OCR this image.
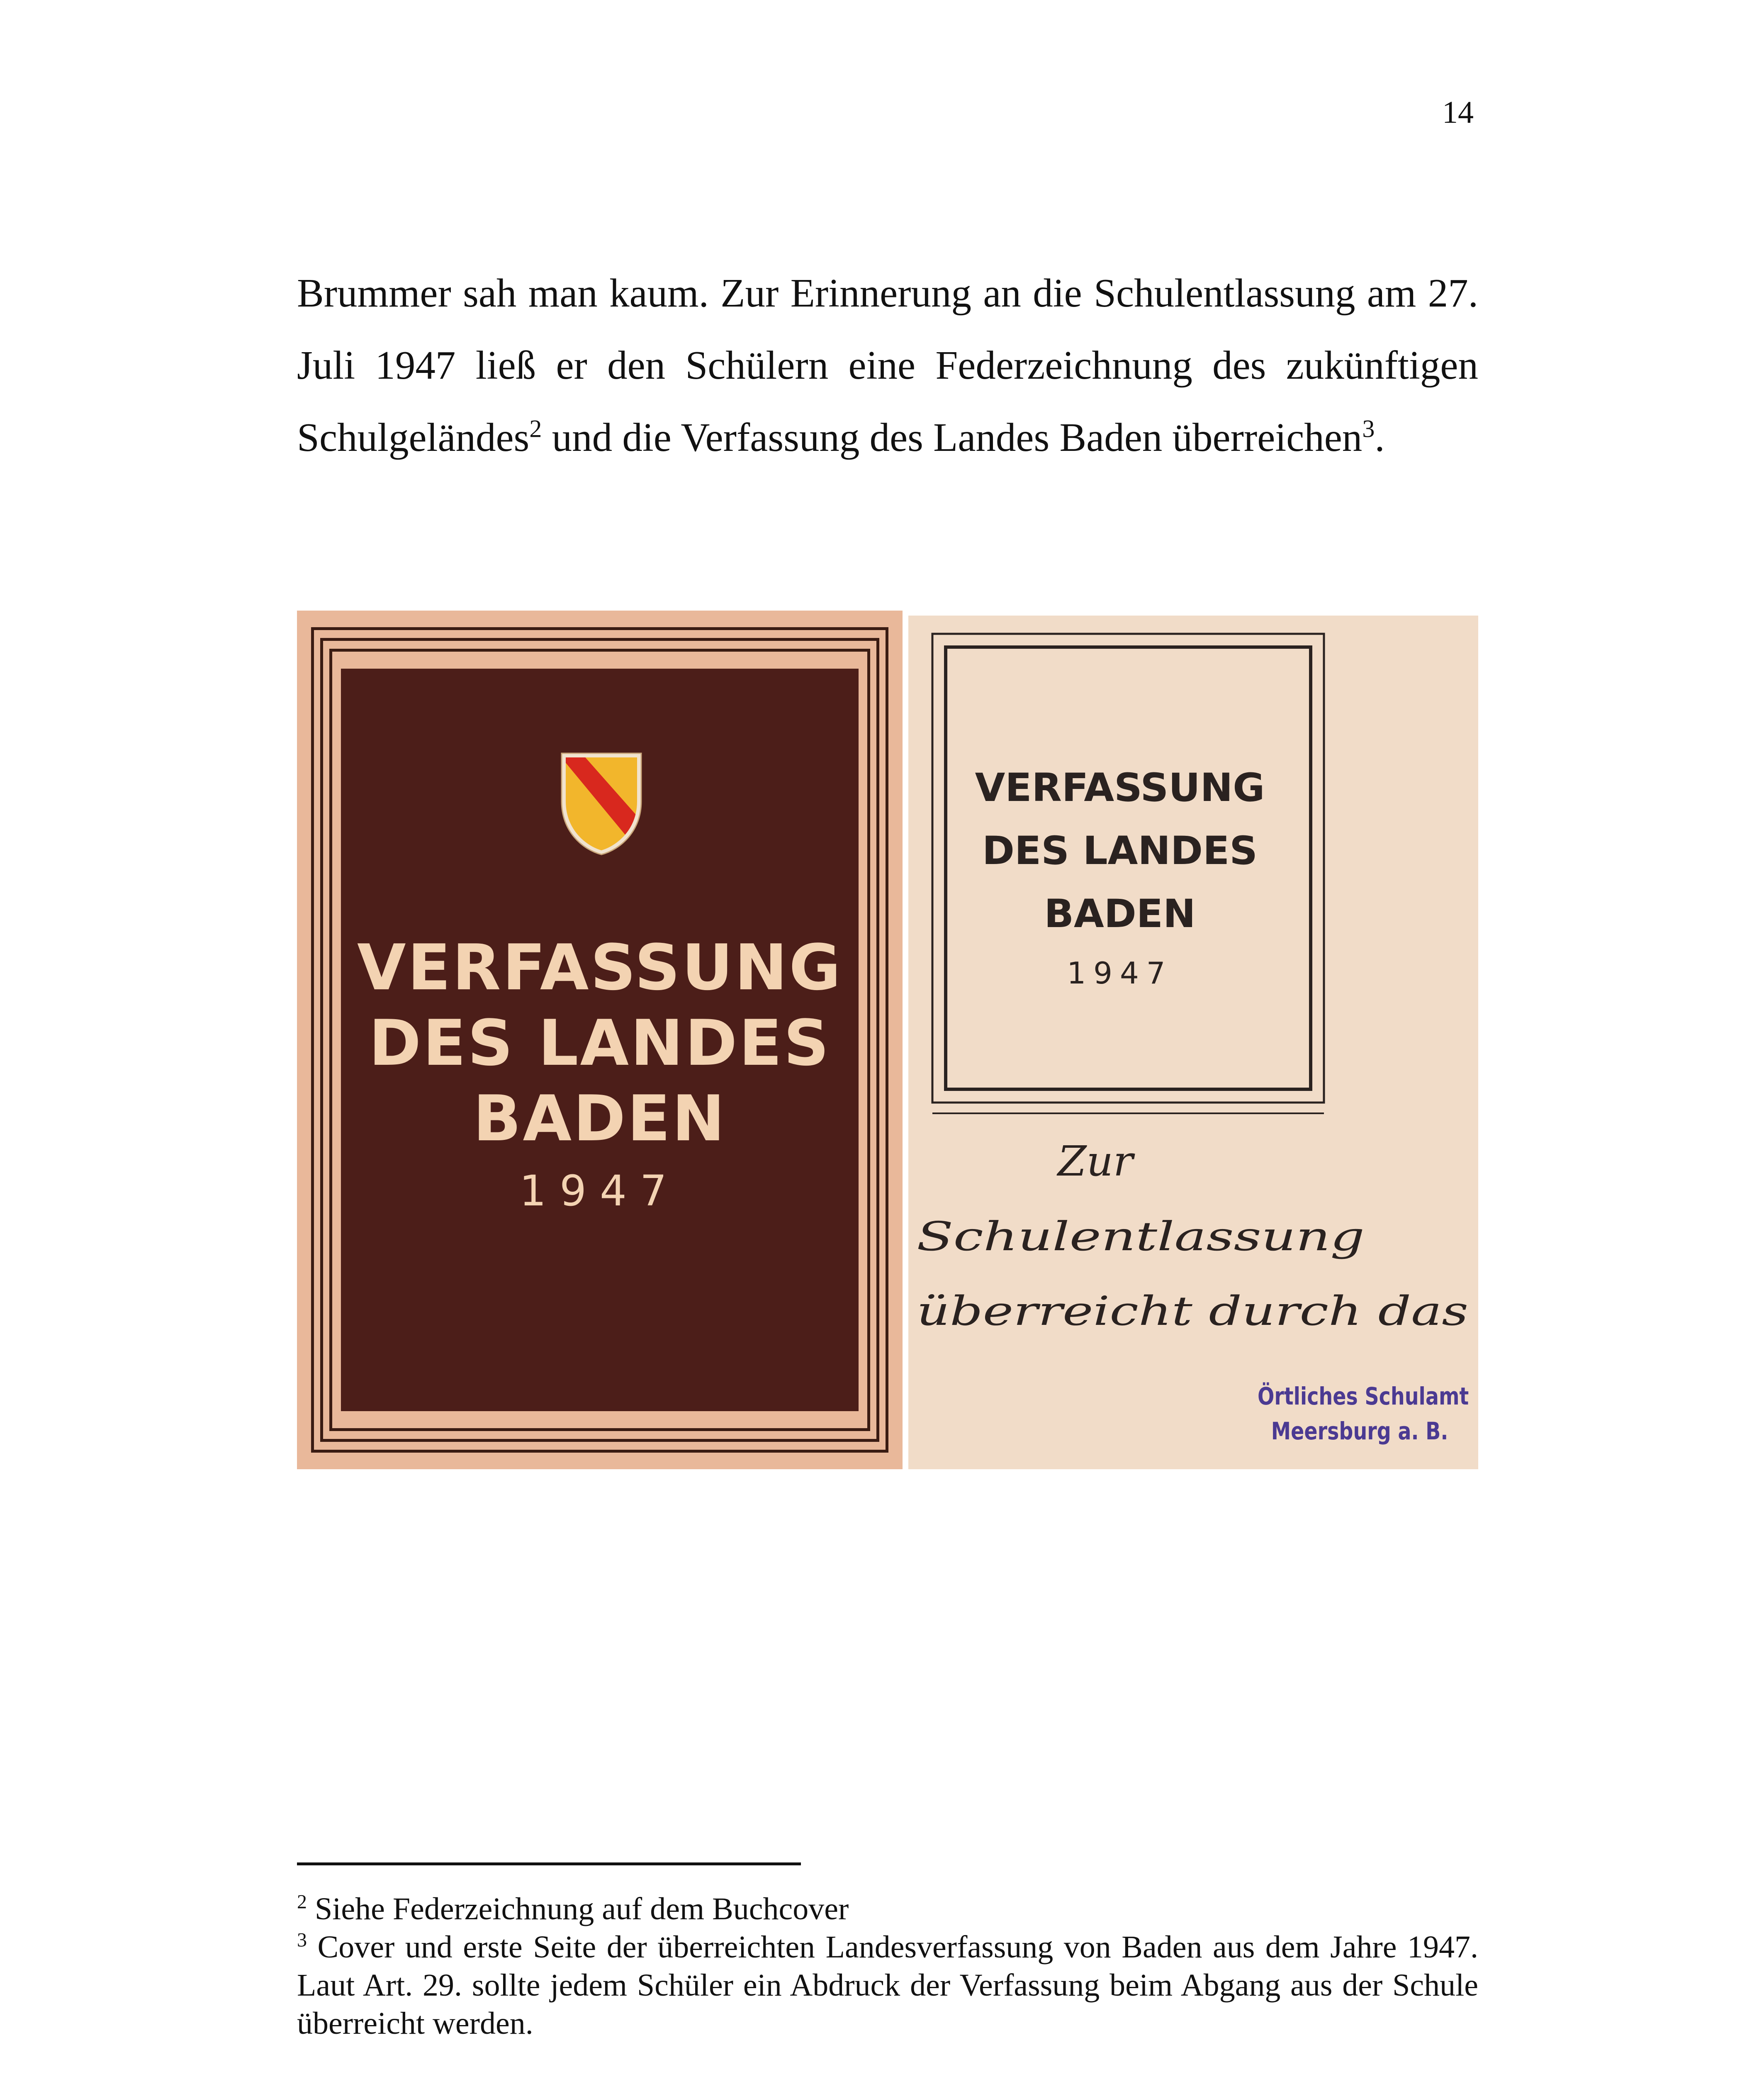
14

Brummer sah man kaum. Zur Erinnerung an die Schulentlassung am 27. Juli 1947 ließ er den Schülern eine Federzeichnung des zukünftigen Schulgeländes$^2$ und die Verfassung des Landes Baden überreichen$^3$.

VERFASSUNG
DES LANDES
BADEN
1947
VERFASSUNG
DES LANDES
BADEN
1947
Zur
Schulentlassung
überreicht durch das
Örtliches Schulamt
Meersburg a. B.

$^2$ Siehe Federzeichnung auf dem Buchcover

$^3$ Cover und erste Seite der überreichten Landesverfassung von Baden aus dem Jahre 1947. Laut Art. 29. sollte jedem Schüler ein Abdruck der Verfassung beim Abgang aus der Schule überreicht werden.
